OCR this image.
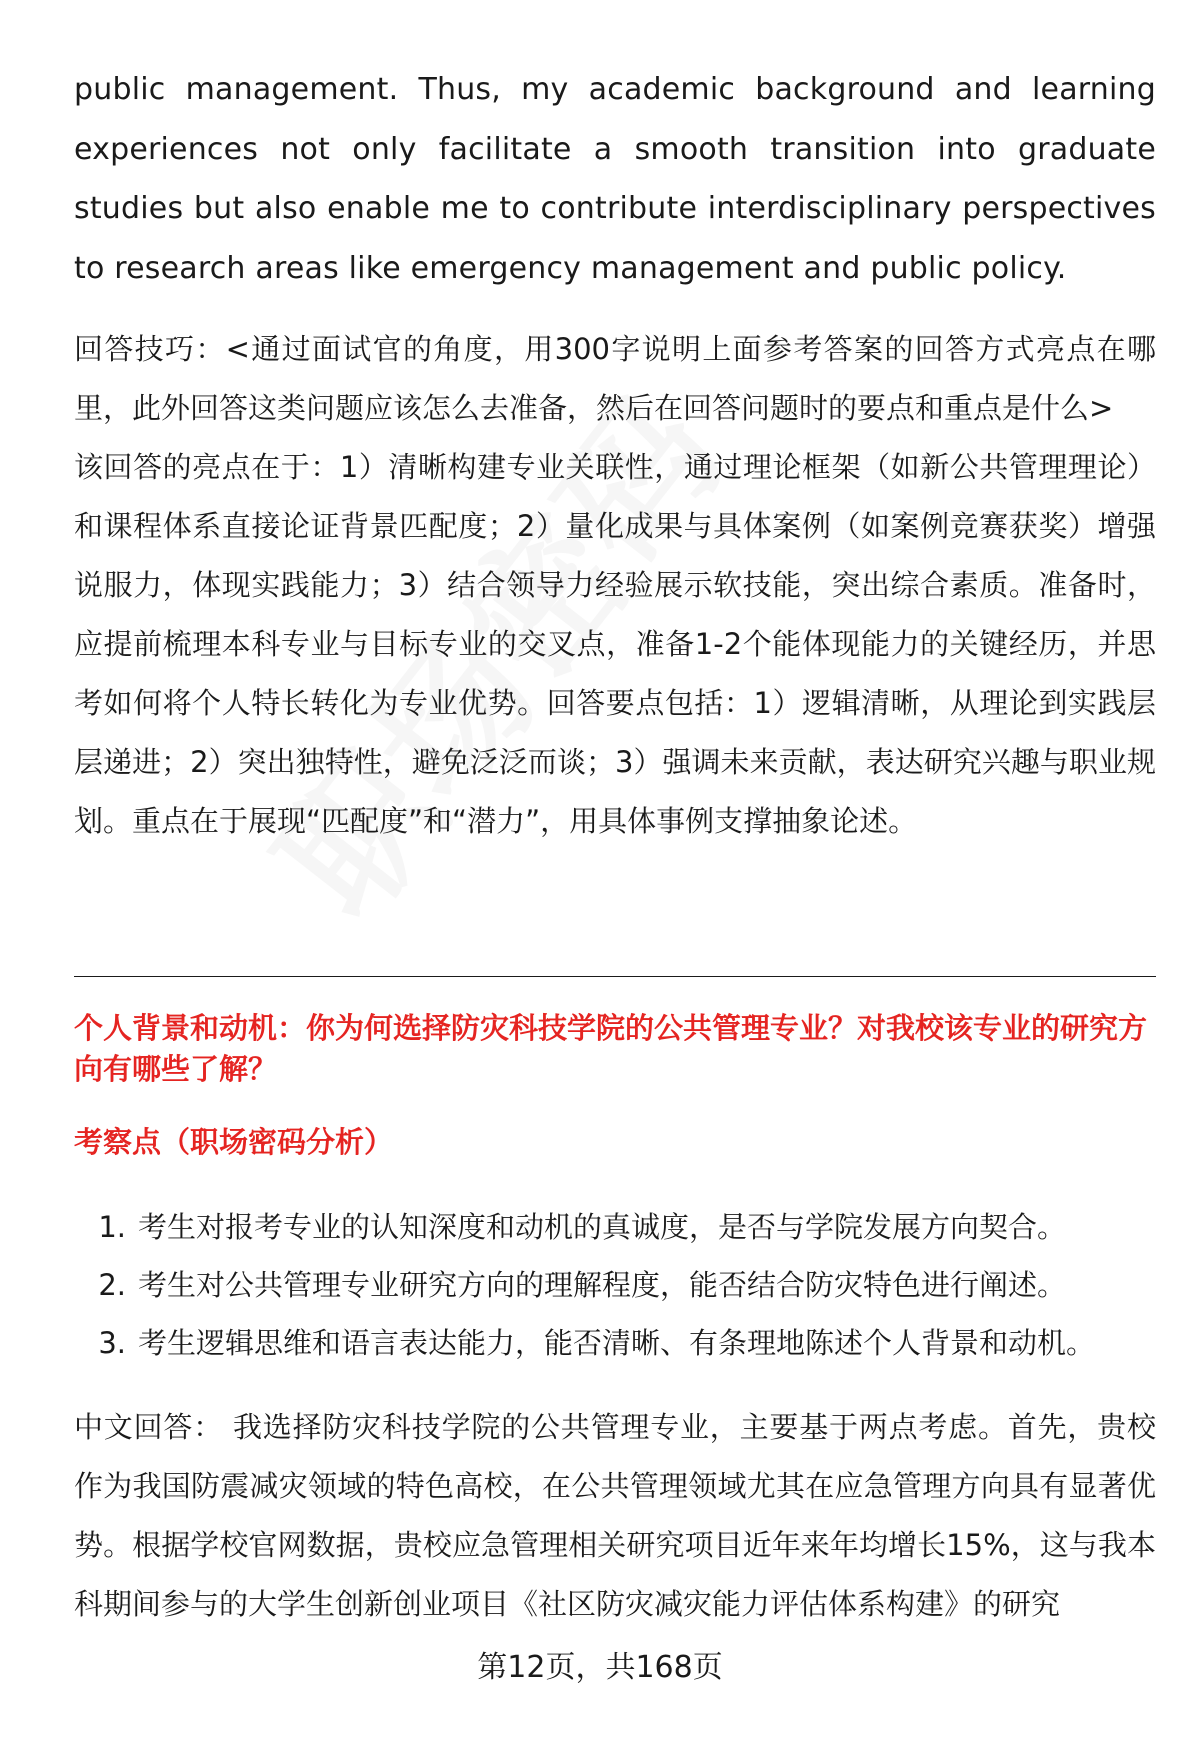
public management. Thus, my academic background and learning experiences not only facilitate a smooth transition into graduate studies but also enable me to contribute interdisciplinary perspectives to research areas like emergency management and public policy.

回答技巧：<通过面试官的角度，用300字说明上面参考答案的回答方式亮点在哪里，此外回答这类问题应该怎么去准备，然后在回答问题时的要点和重点是什么>

该回答的亮点在于：1）清晰构建专业关联性，通过理论框架（如新公共管理理论）和课程体系直接论证背景匹配度；2）量化成果与具体案例（如案例竞赛获奖）增强说服力，体现实践能力；3）结合领导力经验展示软技能，突出综合素质。准备时，应提前梳理本科专业与目标专业的交叉点，准备1-2个能体现能力的关键经历，并思考如何将个人特长转化为专业优势。回答要点包括：1）逻辑清晰，从理论到实践层层递进；2）突出独特性，避免泛泛而谈；3）强调未来贡献，表达研究兴趣与职业规划。重点在于展现“匹配度”和“潜力”，用具体事例支撑抽象论述。

个人背景和动机：你为何选择防灾科技学院的公共管理专业？对我校该专业的研究方向有哪些了解？

考察点（职场密码分析）

1. 考生对报考专业的认知深度和动机的真诚度，是否与学院发展方向契合。
2. 考生对公共管理专业研究方向的理解程度，能否结合防灾特色进行阐述。
3. 考生逻辑思维和语言表达能力，能否清晰、有条理地陈述个人背景和动机。

中文回答： 我选择防灾科技学院的公共管理专业，主要基于两点考虑。首先，贵校作为我国防震减灾领域的特色高校，在公共管理领域尤其在应急管理方向具有显著优势。根据学校官网数据，贵校应急管理相关研究项目近年来年均增长15%，这与我本科期间参与的大学生创新创业项目《社区防灾减灾能力评估体系构建》的研究

第12页，共168页
